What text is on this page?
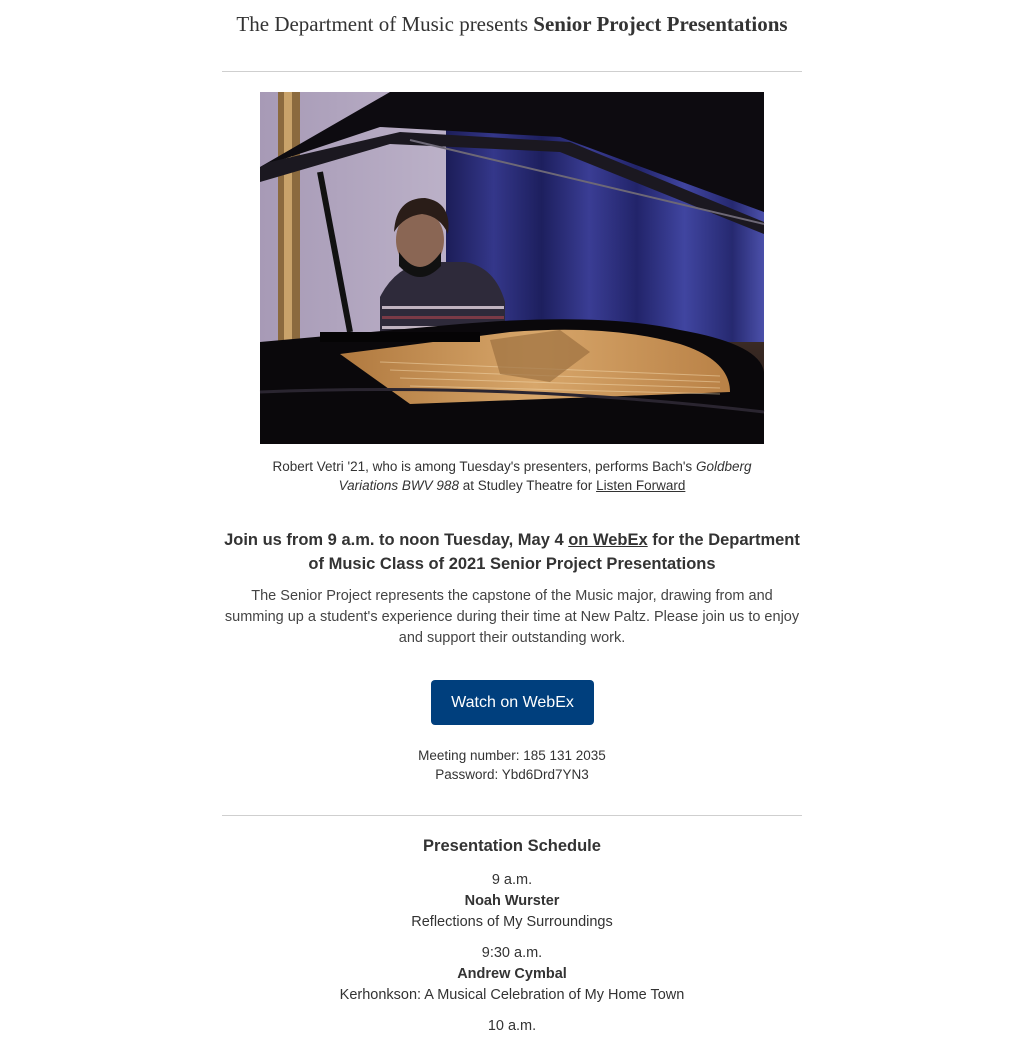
The Department of Music presents Senior Project Presentations
Robert Vetri '21, who is among Tuesday's presenters, performs Bach's Goldberg Variations BWV 988 at Studley Theatre for Listen Forward
Join us from 9 a.m. to noon Tuesday, May 4 on WebEx for the Department of Music Class of 2021 Senior Project Presentations
The Senior Project represents the capstone of the Music major, drawing from and summing up a student's experience during their time at New Paltz. Please join us to enjoy and support their outstanding work.
Watch on WebEx
Meeting number: 185 131 2035
Password: Ybd6Drd7YN3
Presentation Schedule
9 a.m.
Noah Wurster
Reflections of My Surroundings
9:30 a.m.
Andrew Cymbal
Kerhonkson: A Musical Celebration of My Home Town
10 a.m.
